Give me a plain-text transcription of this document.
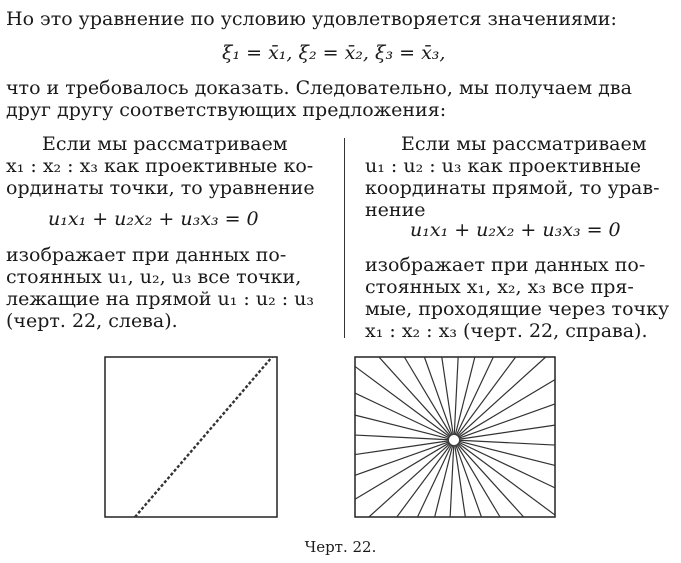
Но это уравнение по условию удовлетворяется значениями:
ξ₁ = x̄₁, ξ₂ = x̄₂, ξ₃ = x̄₃,
что и требовалось доказать. Следовательно, мы получаем два
друг другу соответствующих предложения:
Если мы рассматриваем
x₁ : x₂ : x₃ как проективные ко-
ординаты точки, то уравнение
u₁x₁ + u₂x₂ + u₃x₃ = 0
изображает при данных по-
стоянных u₁, u₂, u₃ все точки,
лежащие на прямой u₁ : u₂ : u₃
(черт. 22, слева).
Если мы рассматриваем
u₁ : u₂ : u₃ как проективные
координаты прямой, то урав-
нение
u₁x₁ + u₂x₂ + u₃x₃ = 0
изображает при данных по-
стоянных x₁, x₂, x₃ все пря-
мые, проходящие через точку
x₁ : x₂ : x₃ (черт. 22, справа).
Черт. 22.
